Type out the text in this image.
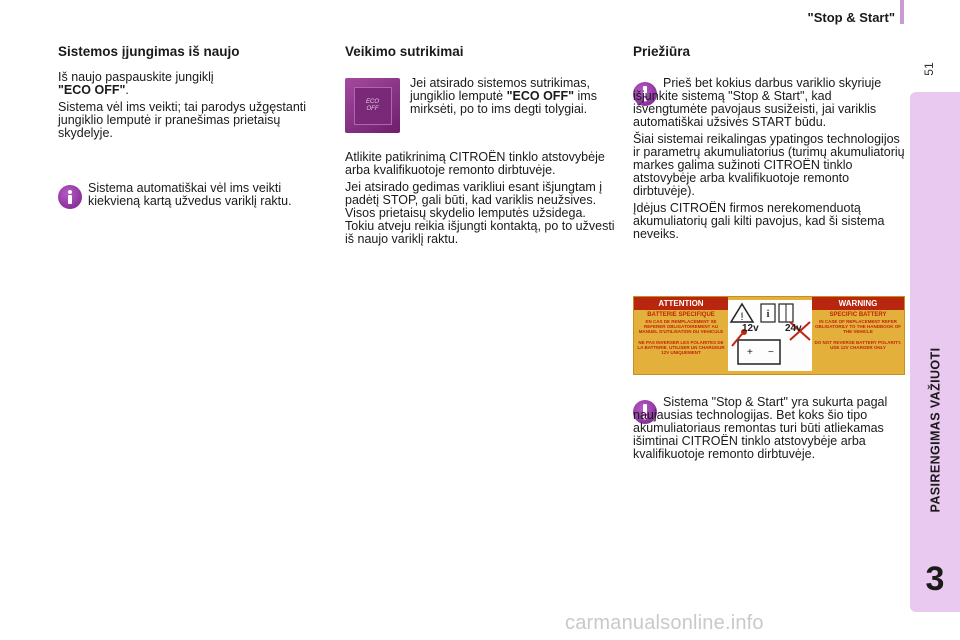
"Stop & Start"
51
PASIRENGIMAS VAŽIUOTI
3
Sistemos įjungimas iš naujo

Iš naujo paspauskite jungiklį
"ECO OFF".

Sistema vėl ims veikti; tai parodys užgęstanti jungiklio lemputė ir pranešimas prietaisų skydelyje.

Sistema automatiškai vėl ims veikti kiekvieną kartą užvedus variklį raktu.

Veikimo sutrikimai
ECO
OFF

Jei atsirado sistemos sutrikimas, jungiklio lemputė "ECO OFF" ims mirksėti, po to ims degti tolygiai.

Atlikite patikrinimą CITROËN tinklo atstovybėje arba kvalifikuotoje remonto dirbtuvėje.

Jei atsirado gedimas varikliui esant išjungtam į padėtį STOP, gali būti, kad variklis neužsives. Visos prietaisų skydelio lemputės užsidega. Tokiu atveju reikia išjungti kontaktą, po to užvesti iš naujo variklį raktu.

Priežiūra

Prieš bet kokius darbus variklio skyriuje išjunkite sistemą "Stop & Start", kad išvengtumėte pavojaus susižeisti, jai variklis automatiškai užsivės START būdu.

Šiai sistemai reikalingas ypatingos technologijos ir parametrų akumuliatorius (turimų akumuliatorių markes galima sužinoti CITROËN tinklo atstovybėje arba kvalifikuotoje remonto dirbtuvėje).

Įdėjus CITROËN firmos nerekomenduotą akumuliatorių gali kilti pavojus, kad ši sistema neveiks.

ATTENTION	WARNING
BATTERIE SPECIFIQUE
EN CAS DE REMPLACEMENT SE REFERER OBLIGATOIREMENT AU MANUEL D'UTILISATION DU VEHICULE
NE PAS INVERSER LES POLARITES DE LA BATTERIE. UTILISER UN CHARGEUR 12V UNIQUEMENT
SPECIFIC BATTERY
IN CASE OF REPLACEMENT REFER OBLIGATORILY TO THE HANDBOOK OF THE VEHICLE
DO NOT REVERSE BATTERY POLARITY. USE 12V CHARGER ONLY
! i
+ −
12v	24v

Sistema "Stop & Start" yra sukurta pagal naujausias technologijas. Bet koks šio tipo akumuliatoriaus remontas turi būti atliekamas išimtinai CITROËN tinklo atstovybėje arba kvalifikuotoje remonto dirbtuvėje.

carmanualsonline.info
